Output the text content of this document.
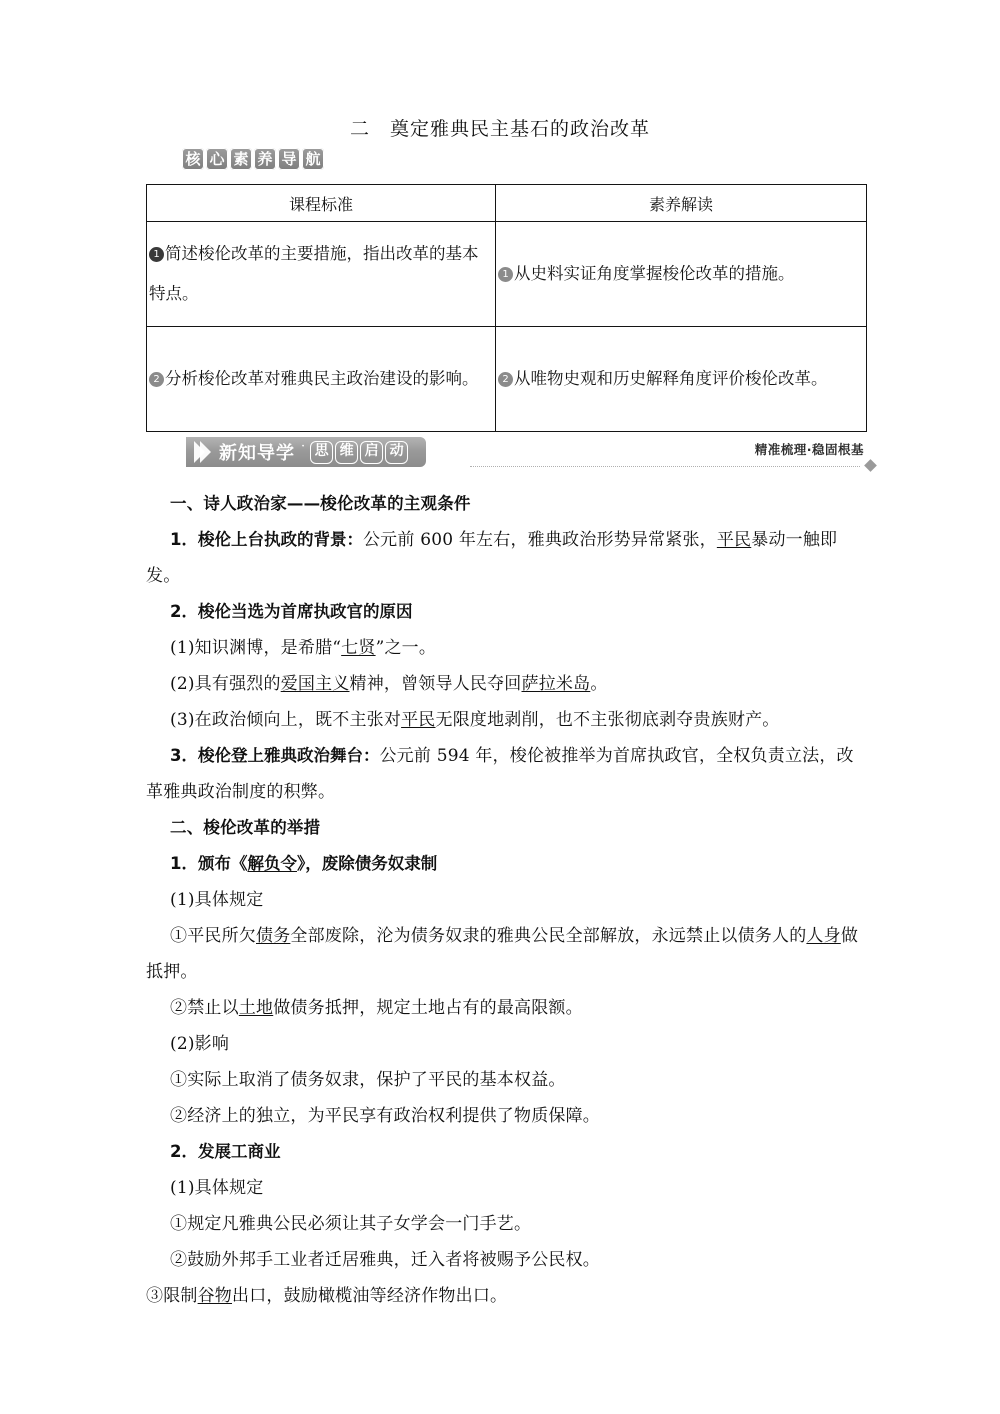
二　奠定雅典民主基石的政治改革
核 心 素 养 导 航
课程标准	素养解读

1 简述梭伦改革的主要措施，指出改革的基本特点。	1 从史料实证角度掌握梭伦改革的措施。

2 分析梭伦改革对雅典民主政治建设的影响。	2 从唯物史观和历史解释角度评价梭伦改革。
新知导学 · 思 维 启 动	精准梳理·稳固根基
一、诗人政治家——梭伦改革的主观条件
1．梭伦上台执政的背景：公元前 600 年左右，雅典政治形势异常紧张，平民暴动一触即发。
2．梭伦当选为首席执政官的原因
(1)知识渊博，是希腊“七贤”之一。
(2)具有强烈的爱国主义精神，曾领导人民夺回萨拉米岛。
(3)在政治倾向上，既不主张对平民无限度地剥削，也不主张彻底剥夺贵族财产。
3．梭伦登上雅典政治舞台：公元前 594 年，梭伦被推举为首席执政官，全权负责立法，改革雅典政治制度的积弊。
二、梭伦改革的举措
1．颁布《解负令》，废除债务奴隶制
(1)具体规定
①平民所欠债务全部废除，沦为债务奴隶的雅典公民全部解放，永远禁止以债务人的人身做抵押。
②禁止以土地做债务抵押，规定土地占有的最高限额。
(2)影响
①实际上取消了债务奴隶，保护了平民的基本权益。
②经济上的独立，为平民享有政治权利提供了物质保障。
2．发展工商业
(1)具体规定
①规定凡雅典公民必须让其子女学会一门手艺。
②鼓励外邦手工业者迁居雅典，迁入者将被赐予公民权。
③限制谷物出口，鼓励橄榄油等经济作物出口。
